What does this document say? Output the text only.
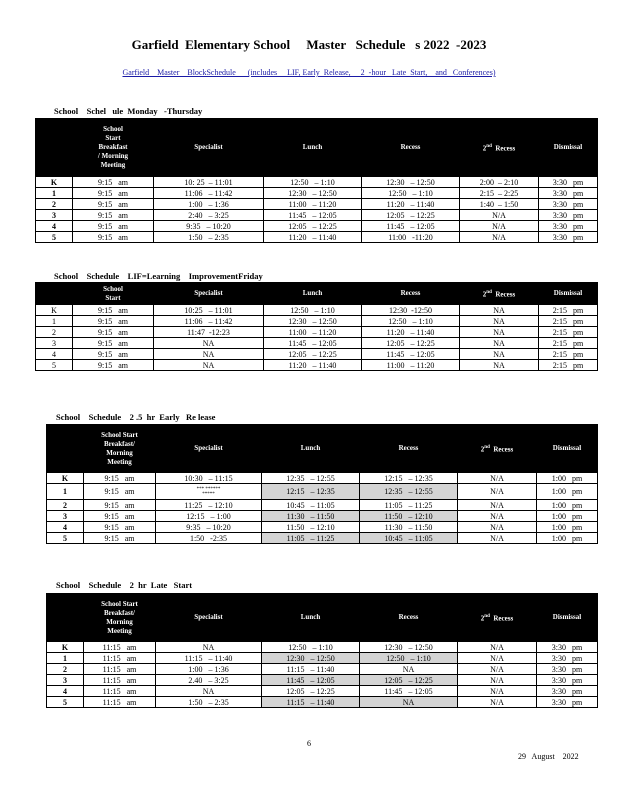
Garfield  Elementary School     Master   Schedule   s 2022  -2023
Garfield    Master    BlockSchedule      (includes     LIF, Early  Release,     2  -hour   Late  Start,    and   Conferences)
School    Schel   ule  Monday   -Thursday

	School
Start
Breakfast
/ Morning
Meeting	Specialist	Lunch	Recess	2nd Recess	Dismissal
K	9:15   am	10: 25  – 11:01	12:50   – 1:10	12:30   – 12:50	2:00  – 2:10	3:30   pm
1	9:15   am	11:06   – 11:42	12:30   – 12:50	12:50   – 1:10	2:15  – 2:25	3:30   pm
2	9:15   am	1:00   – 1:36	11:00   – 11:20	11:20   – 11:40	1:40  – 1:50	3:30   pm
3	9:15   am	2:40   – 3:25	11:45   – 12:05	12:05   – 12:25	N/A	3:30   pm
4	9:15   am	9:35   – 10:20	12:05   – 12:25	11:45   – 12:05	N/A	3:30   pm
5	9:15   am	1:50   – 2:35	11:20   – 11:40	11:00   -11:20	N/A	3:30   pm
School    Schedule    LIF=Learning    ImprovementFriday

	School
Start	Specialist	Lunch	Recess	2nd Recess	Dismissal
K	9:15   am	10:25   – 11:01	12:50   – 1:10	12:30  -12:50	NA	2:15   pm
1	9:15   am	11:06   – 11:42	12:30   – 12:50	12:50   – 1:10	NA	2:15   pm
2	9:15   am	11:47  -12:23	11:00   – 11:20	11:20   – 11:40	NA	2:15   pm
3	9:15   am	NA	11:45   – 12:05	12:05   – 12:25	NA	2:15   pm
4	9:15   am	NA	12:05   – 12:25	11:45   – 12:05	NA	2:15   pm
5	9:15   am	NA	11:20   – 11:40	11:00   – 11:20	NA	2:15   pm
School    Schedule    2 .5  hr  Early   Re lease

	School Start
Breakfast/
Morning
Meeting	Specialist	Lunch	Recess	2nd Recess	Dismissal
K	9:15   am	10:30   – 11:15	12:35   – 12:55	12:15   – 12:35	N/A	1:00   pm
1	9:15   am	*** ******
*****	12:15   – 12:35	12:35   – 12:55	N/A	1:00   pm
2	9:15   am	11:25   – 12:10	10:45   – 11:05	11:05   – 11:25	N/A	1:00   pm
3	9:15   am	12:15   – 1:00	11:30   – 11:50	11:50   – 12:10	N/A	1:00   pm
4	9:15   am	9:35   – 10:20	11:50   – 12:10	11:30   – 11:50	N/A	1:00   pm
5	9:15   am	1:50   -2:35	11:05   – 11:25	10:45   – 11:05	N/A	1:00   pm
School    Schedule    2  hr  Late   Start

	School Start
Breakfast/
Morning
Meeting	Specialist	Lunch	Recess	2nd Recess	Dismissal
K	11:15   am	NA	12:50   – 1:10	12:30   – 12:50	N/A	3:30   pm
1	11:15   am	11:15   – 11:40	12:30   – 12:50	12:50   – 1:10	N/A	3:30   pm
2	11:15   am	1:00   – 1:36	11:15   – 11:40	NA	N/A	3:30   pm
3	11:15   am	2.40   – 3:25	11:45   – 12:05	12:05   – 12:25	N/A	3:30   pm
4	11:15   am	NA	12:05   – 12:25	11:45   – 12:05	N/A	3:30   pm
5	11:15   am	1:50   – 2:35	11:15   – 11:40	NA	N/A	3:30   pm
6
29   August    2022
